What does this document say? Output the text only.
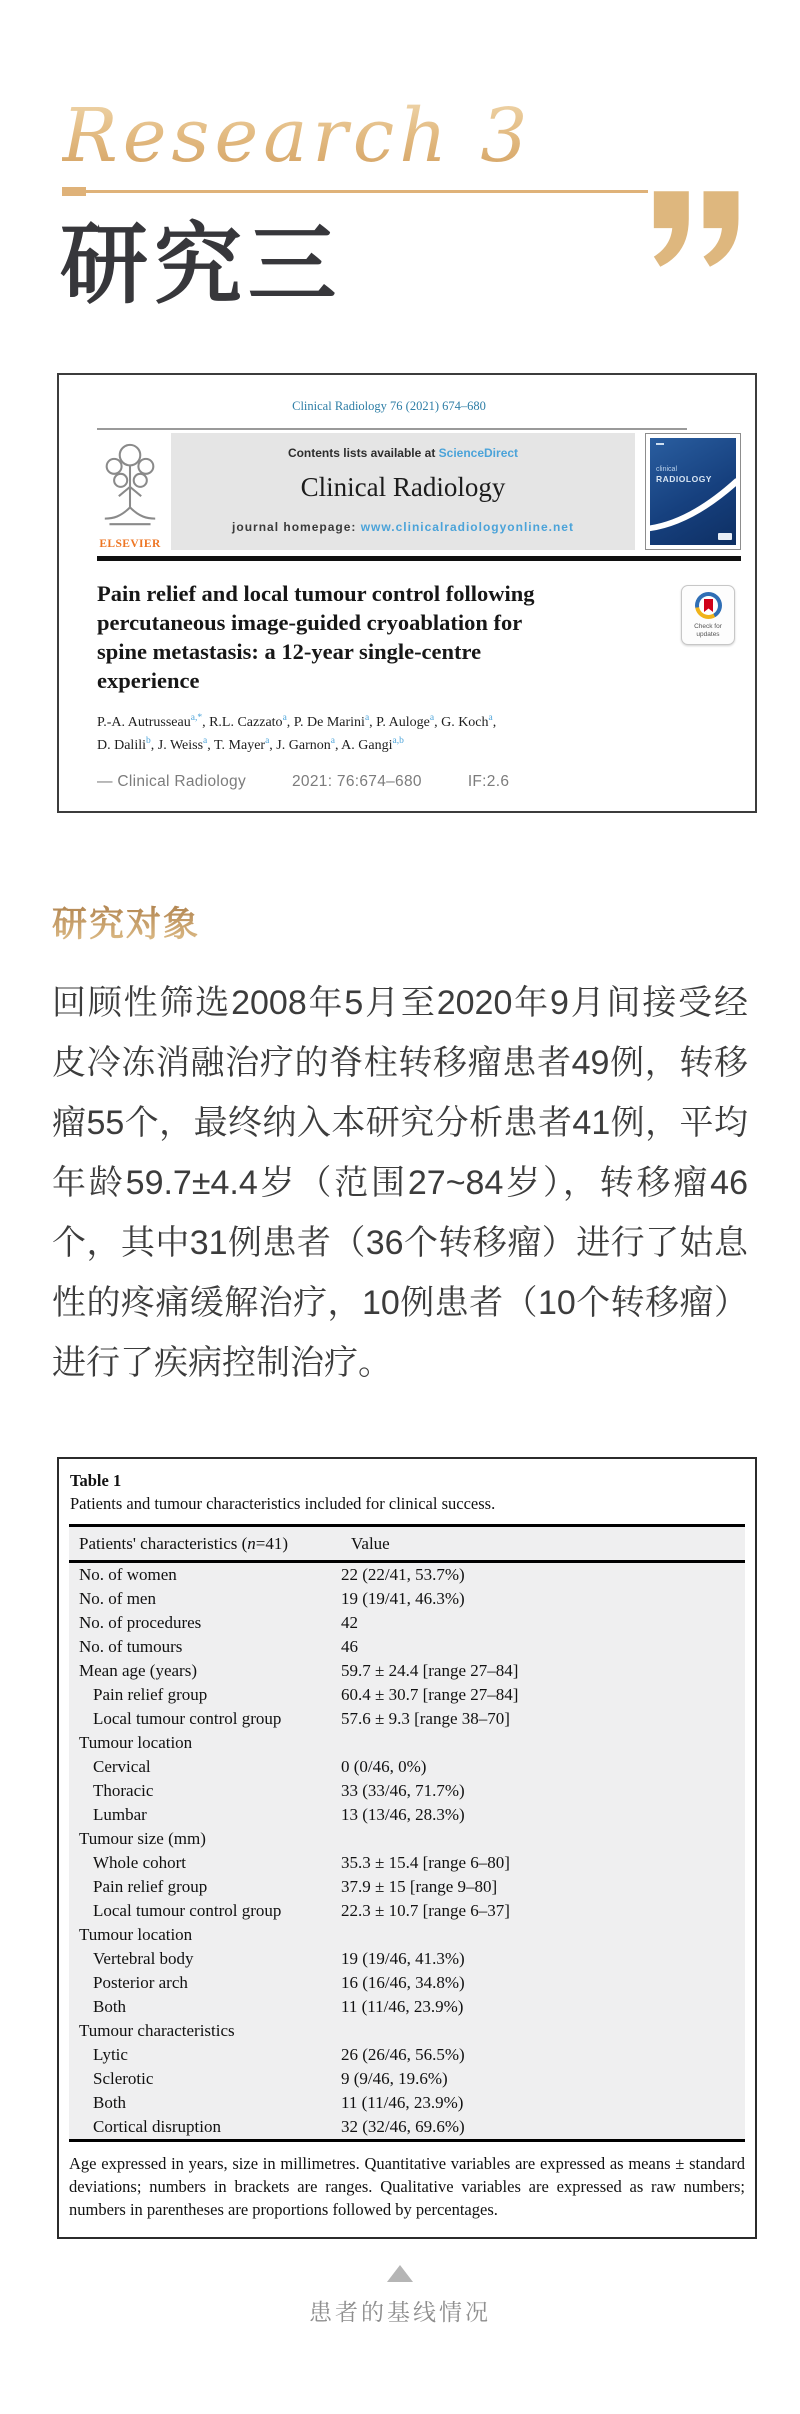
Research 3
研究三
Clinical Radiology 76 (2021) 674–680
ELSEVIER
Contents lists available at ScienceDirect
Clinical Radiology
journal homepage: www.clinicalradiologyonline.net
clinical
RADIOLOGY
Pain relief and local tumour control following
percutaneous image-guided cryoablation for
spine metastasis: a 12-year single-centre
experience
Check for
updates
P.-A. Autrusseau$^{a,*}$, R.L. Cazzato$^a$, P. De Marini$^a$, P. Auloge$^a$, G. Koch$^a$,
D. Dalili$^b$, J. Weiss$^a$, T. Mayer$^a$, J. Garnon$^a$, A. Gangi$^{a,b}$
— Clinical Radiology	2021: 76:674–680	IF:2.6
研究对象

回顾性筛选2008年5月至2020年9月间接受经皮冷冻消融治疗的脊柱转移瘤患者49例，转移瘤55个，最终纳入本研究分析患者41例，平均年龄59.7±4.4岁（范围27~84岁），转移瘤46个，其中31例患者（36个转移瘤）进行了姑息性的疼痛缓解治疗，10例患者（10个转移瘤）进行了疾病控制治疗。

Table 1
Patients and tumour characteristics included for clinical success.
Patients' characteristics (n=41)	Value
No. of women	22 (22/41, 53.7%)
No. of men	19 (19/41, 46.3%)
No. of procedures	42
No. of tumours	46
Mean age (years)	59.7 ± 24.4 [range 27–84]
Pain relief group	60.4 ± 30.7 [range 27–84]
Local tumour control group	57.6 ± 9.3 [range 38–70]
Tumour location
Cervical	0 (0/46, 0%)
Thoracic	33 (33/46, 71.7%)
Lumbar	13 (13/46, 28.3%)
Tumour size (mm)
Whole cohort	35.3 ± 15.4 [range 6–80]
Pain relief group	37.9 ± 15 [range 9–80]
Local tumour control group	22.3 ± 10.7 [range 6–37]
Tumour location
Vertebral body	19 (19/46, 41.3%)
Posterior arch	16 (16/46, 34.8%)
Both	11 (11/46, 23.9%)
Tumour characteristics
Lytic	26 (26/46, 56.5%)
Sclerotic	9 (9/46, 19.6%)
Both	11 (11/46, 23.9%)
Cortical disruption	32 (32/46, 69.6%)
Age expressed in years, size in millimetres. Quantitative variables are expressed as means ± standard deviations; numbers in brackets are ranges. Qualitative variables are expressed as raw numbers; numbers in parentheses are proportions followed by percentages.
患者的基线情况
